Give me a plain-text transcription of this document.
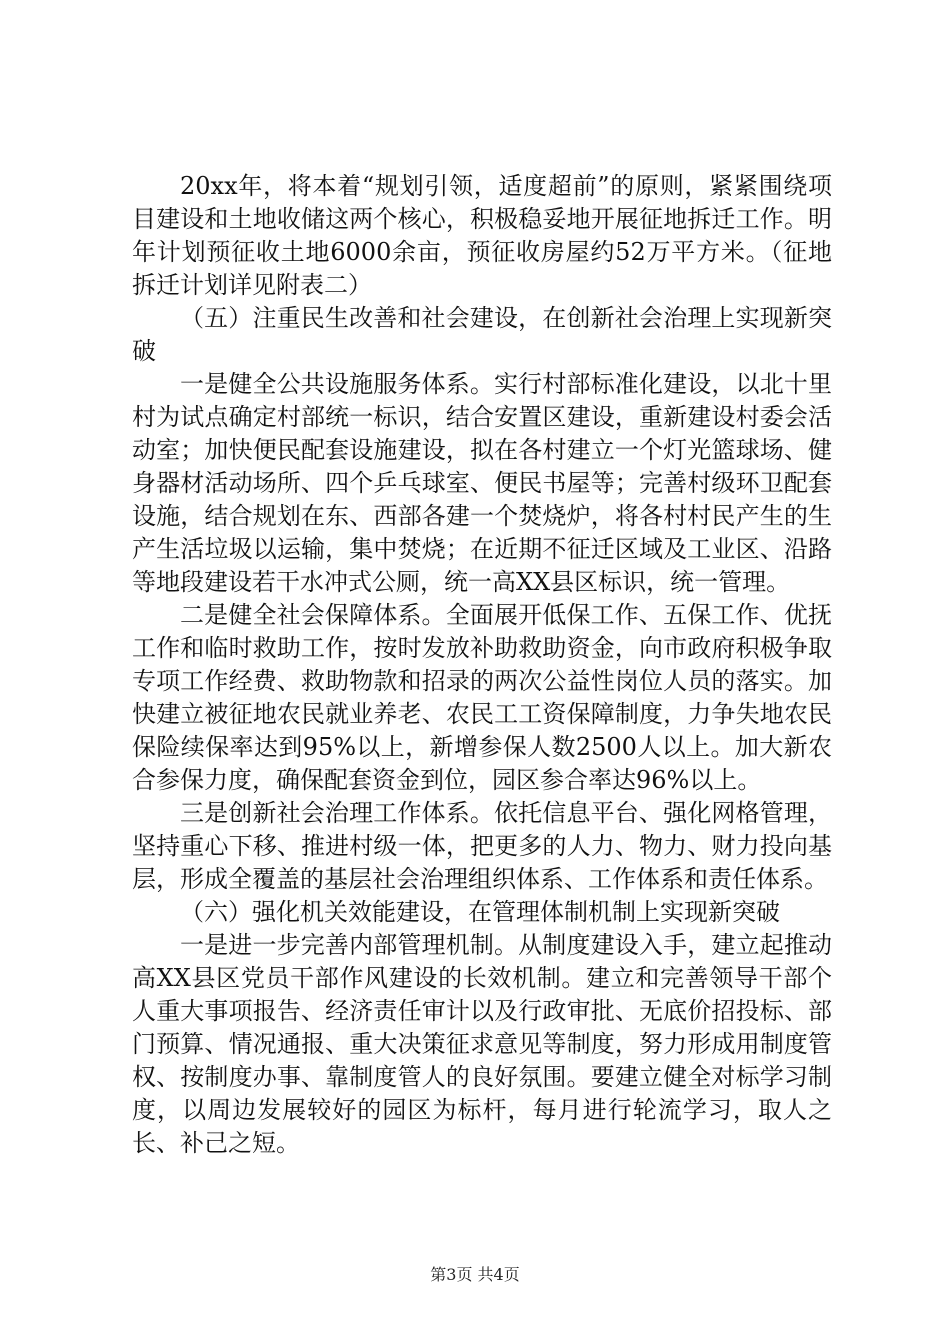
20xx年，将本着“规划引领，适度超前”的原则，紧紧围绕项目建设和土地收储这两个核心，积极稳妥地开展征地拆迁工作。明年计划预征收土地6000余亩，预征收房屋约52万平方米。（征地拆迁计划详见附表二）

（五）注重民生改善和社会建设，在创新社会治理上实现新突破

一是健全公共设施服务体系。实行村部标准化建设，以北十里村为试点确定村部统一标识，结合安置区建设，重新建设村委会活动室；加快便民配套设施建设，拟在各村建立一个灯光篮球场、健身器材活动场所、四个乒乓球室、便民书屋等；完善村级环卫配套设施，结合规划在东、西部各建一个焚烧炉，将各村村民产生的生产生活垃圾以运输，集中焚烧；在近期不征迁区域及工业区、沿路等地段建设若干水冲式公厕，统一高XX县区标识，统一管理。

二是健全社会保障体系。全面展开低保工作、五保工作、优抚工作和临时救助工作，按时发放补助救助资金，向市政府积极争取专项工作经费、救助物款和招录的两次公益性岗位人员的落实。加快建立被征地农民就业养老、农民工工资保障制度，力争失地农民保险续保率达到95%以上，新增参保人数2500人以上。加大新农合参保力度，确保配套资金到位，园区参合率达96%以上。

三是创新社会治理工作体系。依托信息平台、强化网格管理，坚持重心下移、推进村级一体，把更多的人力、物力、财力投向基层，形成全覆盖的基层社会治理组织体系、工作体系和责任体系。

（六）强化机关效能建设，在管理体制机制上实现新突破

一是进一步完善内部管理机制。从制度建设入手，建立起推动高XX县区党员干部作风建设的长效机制。建立和完善领导干部个人重大事项报告、经济责任审计以及行政审批、无底价招投标、部门预算、情况通报、重大决策征求意见等制度，努力形成用制度管权、按制度办事、靠制度管人的良好氛围。要建立健全对标学习制度，以周边发展较好的园区为标杆，每月进行轮流学习，取人之长、补己之短。

第3页 共4页
